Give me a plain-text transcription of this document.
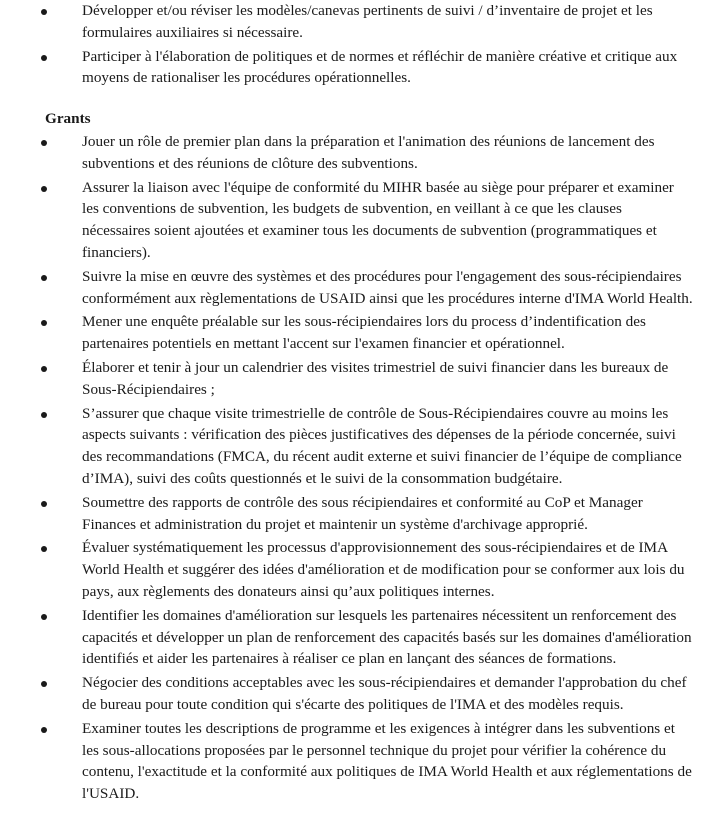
Développer et/ou réviser les modèles/canevas pertinents de suivi / d’inventaire de projet et les formulaires auxiliaires si nécessaire.
Participer à l'élaboration de politiques et de normes et réfléchir de manière créative et critique aux moyens de rationaliser les procédures opérationnelles.
Grants
Jouer un rôle de premier plan dans la préparation et l'animation des réunions de lancement des subventions et des réunions de clôture des subventions.
Assurer la liaison avec l'équipe de conformité du MIHR basée au siège pour préparer et examiner les conventions de subvention, les budgets de subvention, en veillant à ce que les clauses nécessaires soient ajoutées et examiner tous les documents de subvention (programmatiques et financiers).
Suivre la mise en œuvre des systèmes et des procédures pour l'engagement des sous-récipiendaires conformément aux règlementations de USAID ainsi que les procédures interne d'IMA World Health.
Mener une enquête préalable sur les sous-récipiendaires lors du process d’indentification des partenaires potentiels en mettant l'accent sur l'examen financier et opérationnel.
Élaborer et tenir à jour un calendrier des visites trimestriel de suivi financier dans les bureaux de Sous-Récipiendaires ;
S’assurer que chaque visite trimestrielle de contrôle de Sous-Récipiendaires couvre au moins les aspects suivants : vérification des pièces justificatives des dépenses de la période concernée, suivi des recommandations (FMCA, du récent audit externe et suivi financier de l’équipe de compliance d’IMA), suivi des coûts questionnés et le suivi de la consommation budgétaire.
Soumettre des rapports de contrôle des sous récipiendaires et conformité au CoP et Manager Finances et administration du projet et maintenir un système d'archivage approprié.
Évaluer systématiquement les processus d'approvisionnement des sous-récipiendaires et de IMA World Health et suggérer des idées d'amélioration et de modification pour se conformer aux lois du pays, aux règlements des donateurs ainsi qu’aux politiques internes.
Identifier les domaines d'amélioration sur lesquels les partenaires nécessitent un renforcement des capacités et développer un plan de renforcement des capacités basés sur les domaines d'amélioration identifiés et aider les partenaires à réaliser ce plan en lançant des séances de formations.
Négocier des conditions acceptables avec les sous-récipiendaires et demander l'approbation du chef de bureau pour toute condition qui s'écarte des politiques de l'IMA et des modèles requis.
Examiner toutes les descriptions de programme et les exigences à intégrer dans les subventions et les sous-allocations proposées par le personnel technique du projet pour vérifier la cohérence du contenu, l'exactitude et la conformité aux politiques de IMA World Health et aux réglementations de l'USAID.
